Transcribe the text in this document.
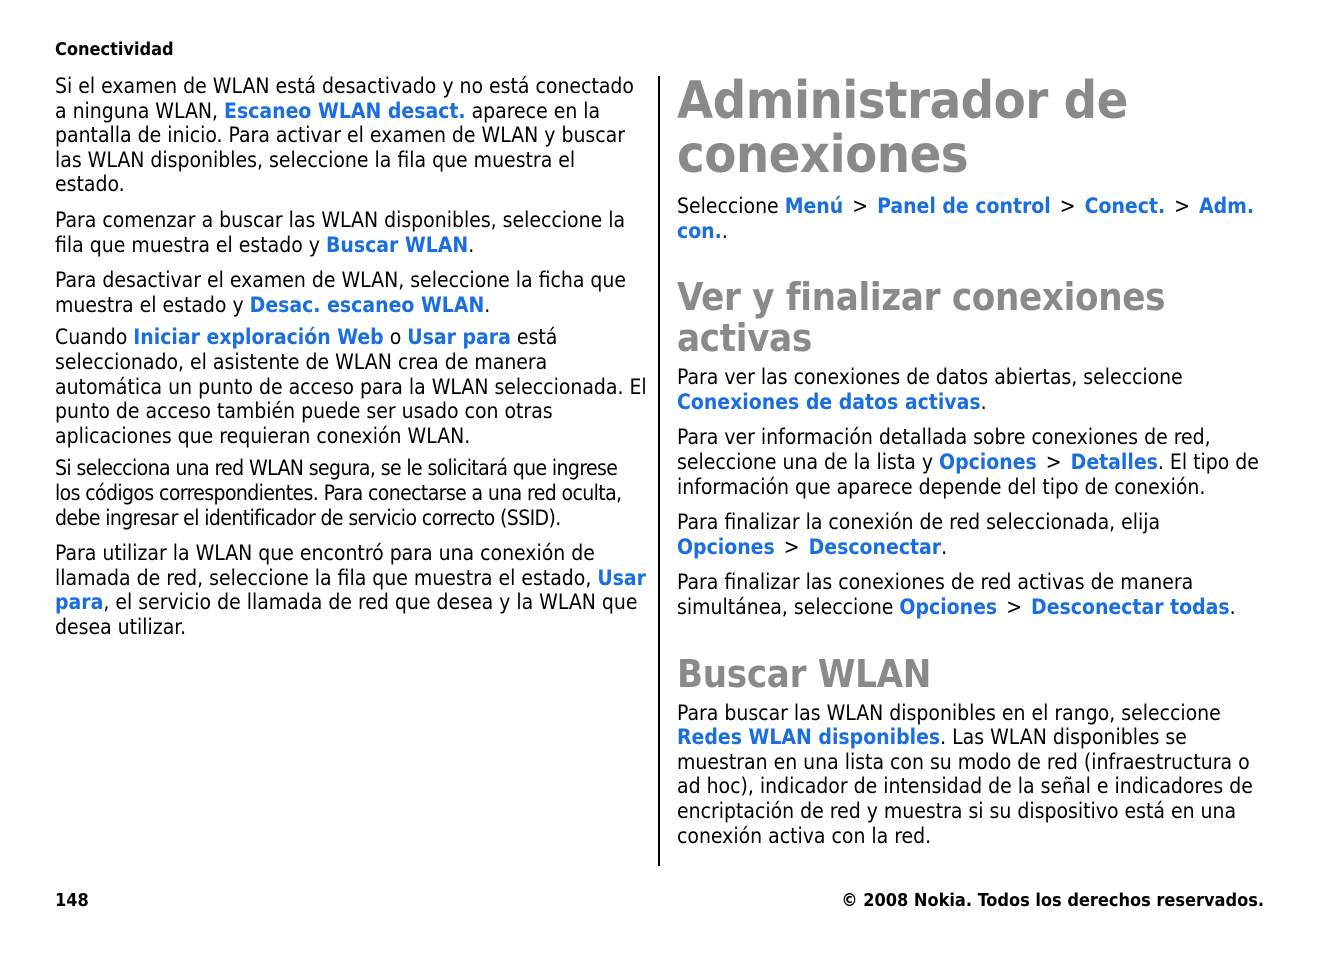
Conectividad

Si el examen de WLAN está desactivado y no está conectado a ninguna WLAN, Escaneo WLAN desact. aparece en la pantalla de inicio. Para activar el examen de WLAN y buscar las WLAN disponibles, seleccione la fila que muestra el estado.

Para comenzar a buscar las WLAN disponibles, seleccione la fila que muestra el estado y Buscar WLAN.

Para desactivar el examen de WLAN, seleccione la ficha que muestra el estado y Desac. escaneo WLAN.

Cuando Iniciar exploración Web o Usar para está seleccionado, el asistente de WLAN crea de manera automática un punto de acceso para la WLAN seleccionada. El punto de acceso también puede ser usado con otras aplicaciones que requieran conexión WLAN.

Si selecciona una red WLAN segura, se le solicitará que ingrese los códigos correspondientes. Para conectarse a una red oculta, debe ingresar el identificador de servicio correcto (SSID).

Para utilizar la WLAN que encontró para una conexión de llamada de red, seleccione la fila que muestra el estado, Usar para, el servicio de llamada de red que desea y la WLAN que desea utilizar.

Administrador de conexiones

Seleccione Menú > Panel de control > Conect. > Adm. con..

Ver y finalizar conexiones activas

Para ver las conexiones de datos abiertas, seleccione Conexiones de datos activas.

Para ver información detallada sobre conexiones de red, seleccione una de la lista y Opciones > Detalles. El tipo de información que aparece depende del tipo de conexión.

Para finalizar la conexión de red seleccionada, elija Opciones > Desconectar.

Para finalizar las conexiones de red activas de manera simultánea, seleccione Opciones > Desconectar todas.

Buscar WLAN

Para buscar las WLAN disponibles en el rango, seleccione Redes WLAN disponibles. Las WLAN disponibles se muestran en una lista con su modo de red (infraestructura o ad hoc), indicador de intensidad de la señal e indicadores de encriptación de red y muestra si su dispositivo está en una conexión activa con la red.

148	© 2008 Nokia. Todos los derechos reservados.
